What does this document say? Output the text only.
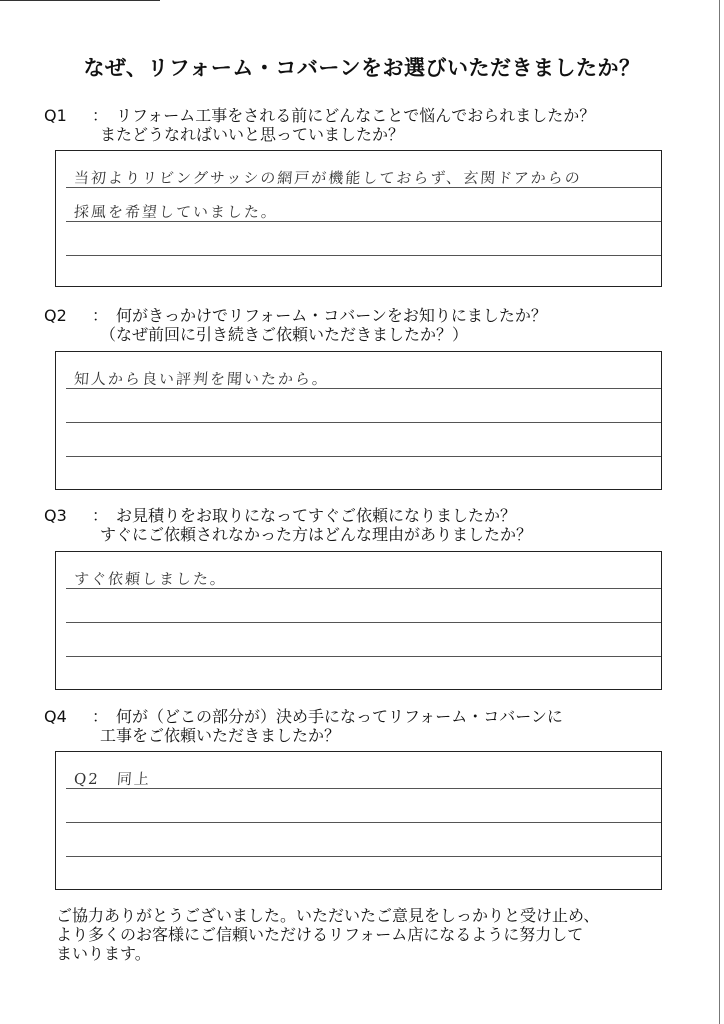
なぜ、リフォーム・コバーンをお選びいただきましたか？
Q1	： リフォーム工事をされる前にどんなことで悩んでおられましたか？
またどうなればいいと思っていましたか？
当初よりリビングサッシの網戸が機能しておらず、玄関ドアからの
採風を希望していました。
Q2	： 何がきっかけでリフォーム・コバーンをお知りにましたか？
（なぜ前回に引き続きご依頼いただきましたか？）
知人から良い評判を聞いたから。
Q3	： お見積りをお取りになってすぐご依頼になりましたか？
すぐにご依頼されなかった方はどんな理由がありましたか？
すぐ依頼しました。
Q4	： 何が（どこの部分が）決め手になってリフォーム・コバーンに
工事をご依頼いただきましたか？
Q2　同上
ご協力ありがとうございました。いただいたご意見をしっかりと受け止め、
より多くのお客様にご信頼いただけるリフォーム店になるように努力して
まいります。
